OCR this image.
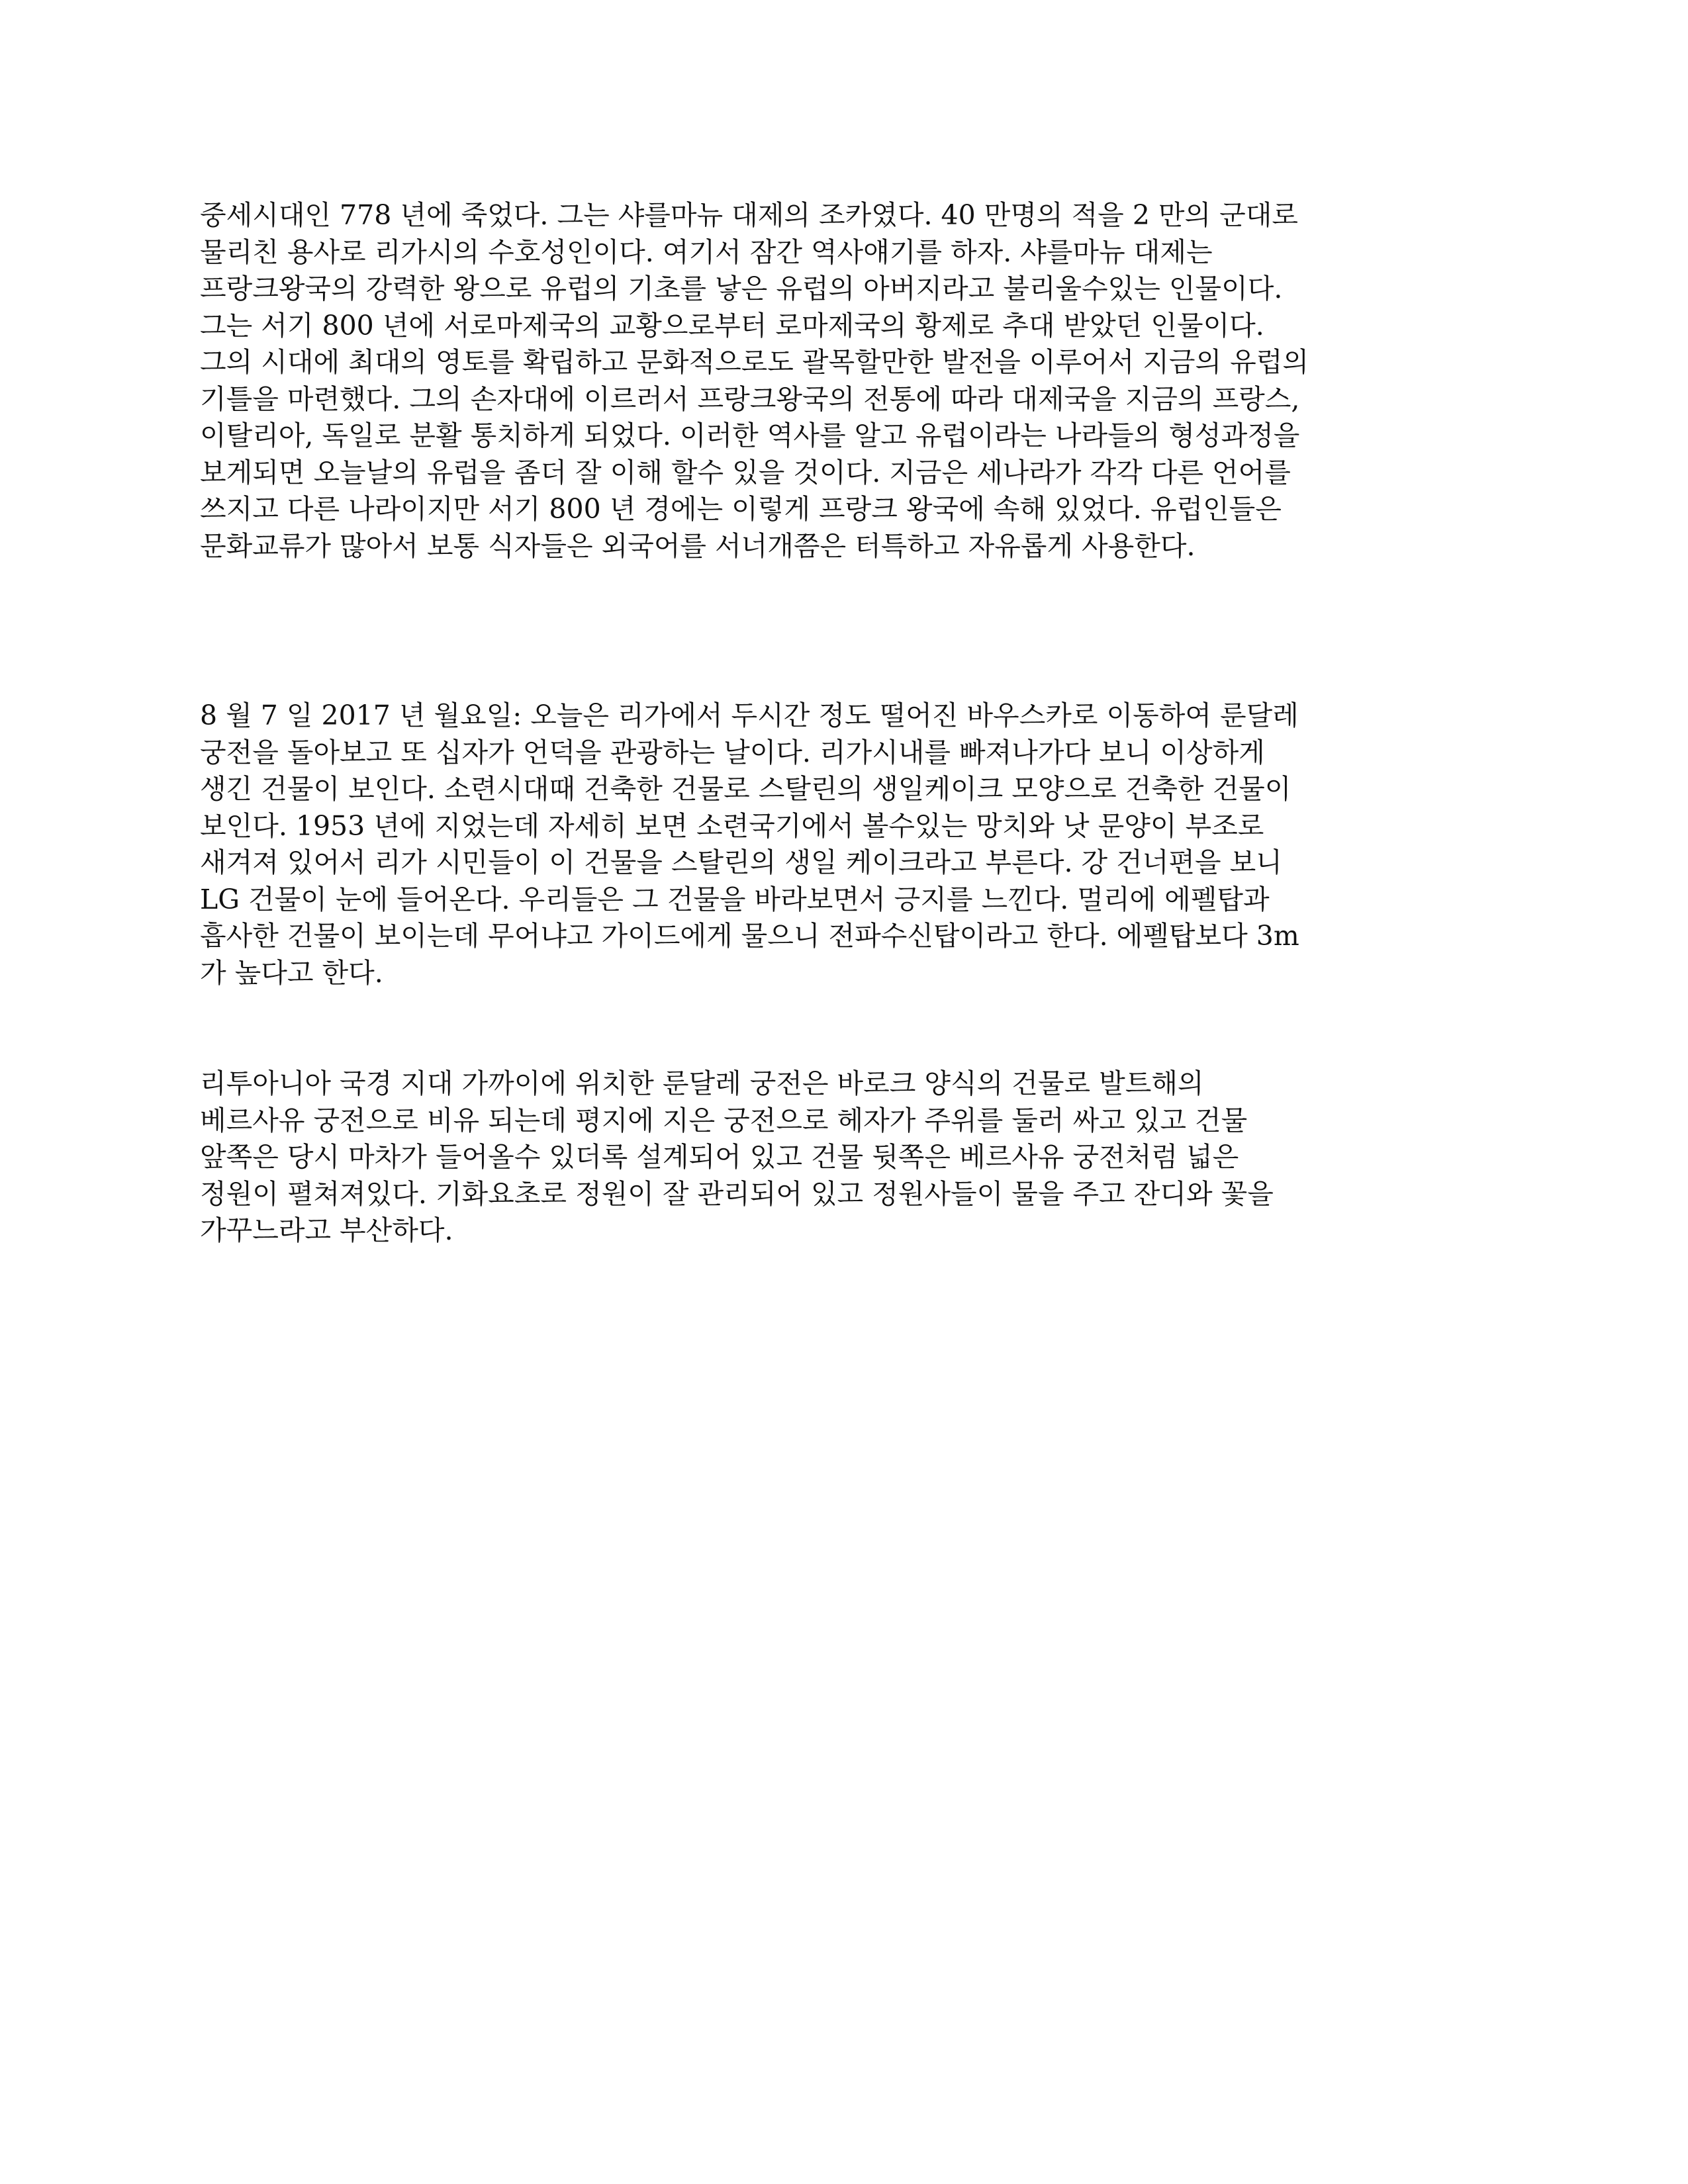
중세시대인 778 년에 죽었다. 그는 샤를마뉴 대제의 조카였다. 40 만명의 적을 2 만의 군대로
물리친 용사로 리가시의 수호성인이다. 여기서 잠간 역사얘기를 하자. 샤를마뉴 대제는
프랑크왕국의 강력한 왕으로 유럽의 기초를 낳은 유럽의 아버지라고 불리울수있는 인물이다.
그는 서기 800 년에 서로마제국의 교황으로부터 로마제국의 황제로 추대 받았던 인물이다.
그의 시대에 최대의 영토를 확립하고 문화적으로도 괄목할만한 발전을 이루어서 지금의 유럽의
기틀을 마련했다. 그의 손자대에 이르러서 프랑크왕국의 전통에 따라 대제국을 지금의 프랑스,
이탈리아, 독일로 분활 통치하게 되었다. 이러한 역사를 알고 유럽이라는 나라들의 형성과정을
보게되면 오늘날의 유럽을 좀더 잘 이해 할수 있을 것이다. 지금은 세나라가 각각 다른 언어를
쓰지고 다른 나라이지만 서기 800 년 경에는 이렇게 프랑크 왕국에 속해 있었다. 유럽인들은
문화교류가 많아서 보통 식자들은 외국어를 서너개쯤은 터특하고 자유롭게 사용한다.
8 월 7 일 2017 년 월요일: 오늘은 리가에서 두시간 정도 떨어진 바우스카로 이동하여 룬달레
궁전을 돌아보고 또 십자가 언덕을 관광하는 날이다. 리가시내를 빠져나가다 보니 이상하게
생긴 건물이 보인다. 소련시대때 건축한 건물로 스탈린의 생일케이크 모양으로 건축한 건물이
보인다. 1953 년에 지었는데 자세히 보면 소련국기에서 볼수있는 망치와 낫 문양이 부조로
새겨져 있어서 리가 시민들이 이 건물을 스탈린의 생일 케이크라고 부른다. 강 건너편을 보니
LG 건물이 눈에 들어온다. 우리들은 그 건물을 바라보면서 긍지를 느낀다. 멀리에 에펠탑과
흡사한 건물이 보이는데 무어냐고 가이드에게 물으니 전파수신탑이라고 한다. 에펠탑보다 3m
가 높다고 한다.
리투아니아 국경 지대 가까이에 위치한 룬달레 궁전은 바로크 양식의 건물로 발트해의
베르사유 궁전으로 비유 되는데 평지에 지은 궁전으로 헤자가 주위를 둘러 싸고 있고 건물
앞쪽은 당시 마차가 들어올수 있더록 설계되어 있고 건물 뒷쪽은 베르사유 궁전처럼 넓은
정원이 펼쳐져있다. 기화요초로 정원이 잘 관리되어 있고 정원사들이 물을 주고 잔디와 꽃을
가꾸느라고 부산하다.
